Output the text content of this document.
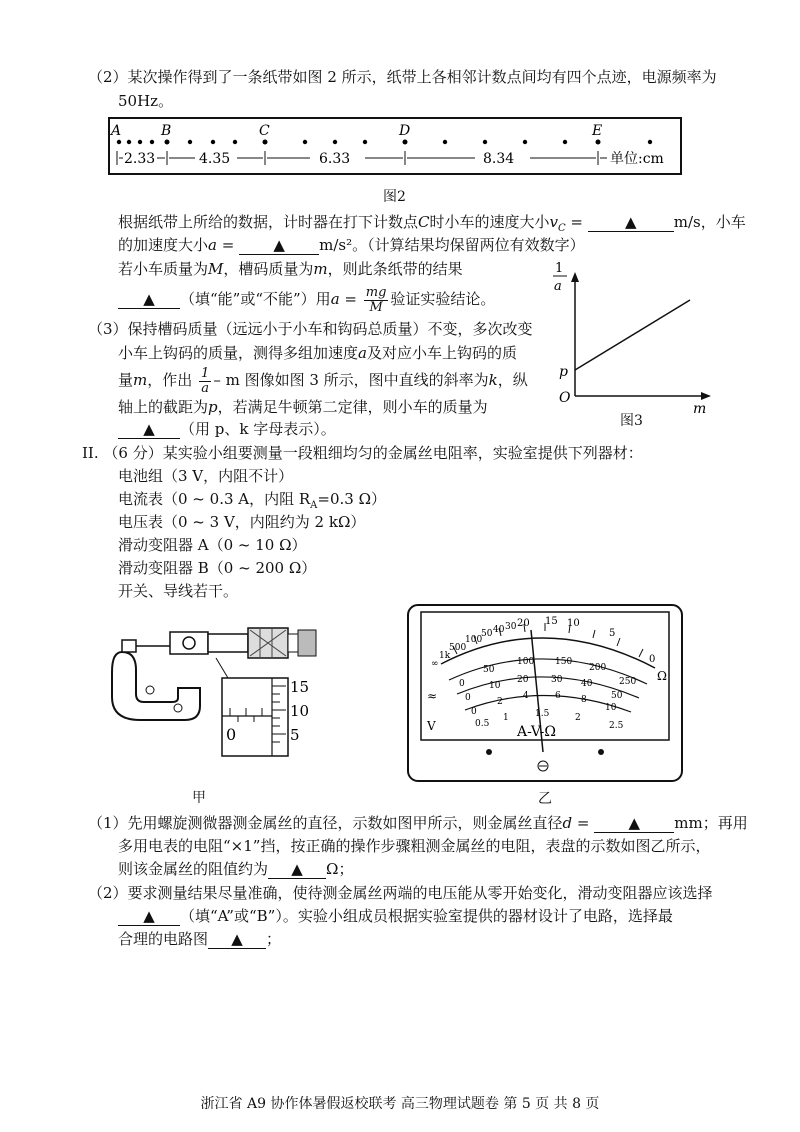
（2）某次操作得到了一条纸带如图 2 所示，纸带上各相邻计数点间均有四个点迹，电源频率为
50Hz。
A	B	C	D	E
2.33	4.35	6.33	8.34	单位:cm
图2
根据纸带上所给的数据，计时器在打下计数点C时小车的速度大小$v_C$ =	▲ m/s，小车
的加速度大小a =	▲ m/s²。（计算结果均保留两位有效数字）
若小车质量为M，槽码质量为m，则此条纸带的结果
▲ （填“能”或“不能”）用$a = \frac{mg}{M}$ 验证实验结论。
（3）保持槽码质量（远远小于小车和钩码总质量）不变，多次改变
小车上钩码的质量，测得多组加速度a及对应小车上钩码的质
量m，作出 $\frac{1}{a}$ – m 图像如图 3 所示，图中直线的斜率为k，纵
轴上的截距为p，若满足牛顿第二定律，则小车的质量为
▲ （用 p、k 字母表示）。
1
a
p
O
m
图3
II. （6 分）某实验小组要测量一段粗细均匀的金属丝电阻率，实验室提供下列器材：
电池组（3 V，内阻不计）
电流表（0 ~ 0.3 A，内阻 $R_A=0.3$ Ω）
电压表（0 ~ 3 V，内阻约为 2 kΩ）
滑动变阻器 A（0 ~ 10 Ω）
滑动变阻器 B（0 ~ 200 Ω）
开关、导线若干。
0
15
10
5
甲
∞
1k
500
100
50 40 30 20 15 10
5
0
Ω
0
50
100 150
200
250
0
10
20	30 40
50
0
2
4	6 8
10
0.5
1	1.5	2
2.5
≈
V	A-V-Ω
乙
（1）先用螺旋测微器测金属丝的直径，示数如图甲所示，则金属丝直径d =	▲ mm；再用
多用电表的电阻“×1”挡，按正确的操作步骤粗测金属丝的电阻，表盘的示数如图乙所示，
则该金属丝的阻值约为 ▲ Ω；
（2）要求测量结果尽量准确，使待测金属丝两端的电压能从零开始变化，滑动变阻器应该选择
▲ （填“A”或“B”）。实验小组成员根据实验室提供的器材设计了电路，选择最
合理的电路图 ▲ ；
浙江省 A9 协作体暑假返校联考 高三物理试题卷 第 5 页 共 8 页
